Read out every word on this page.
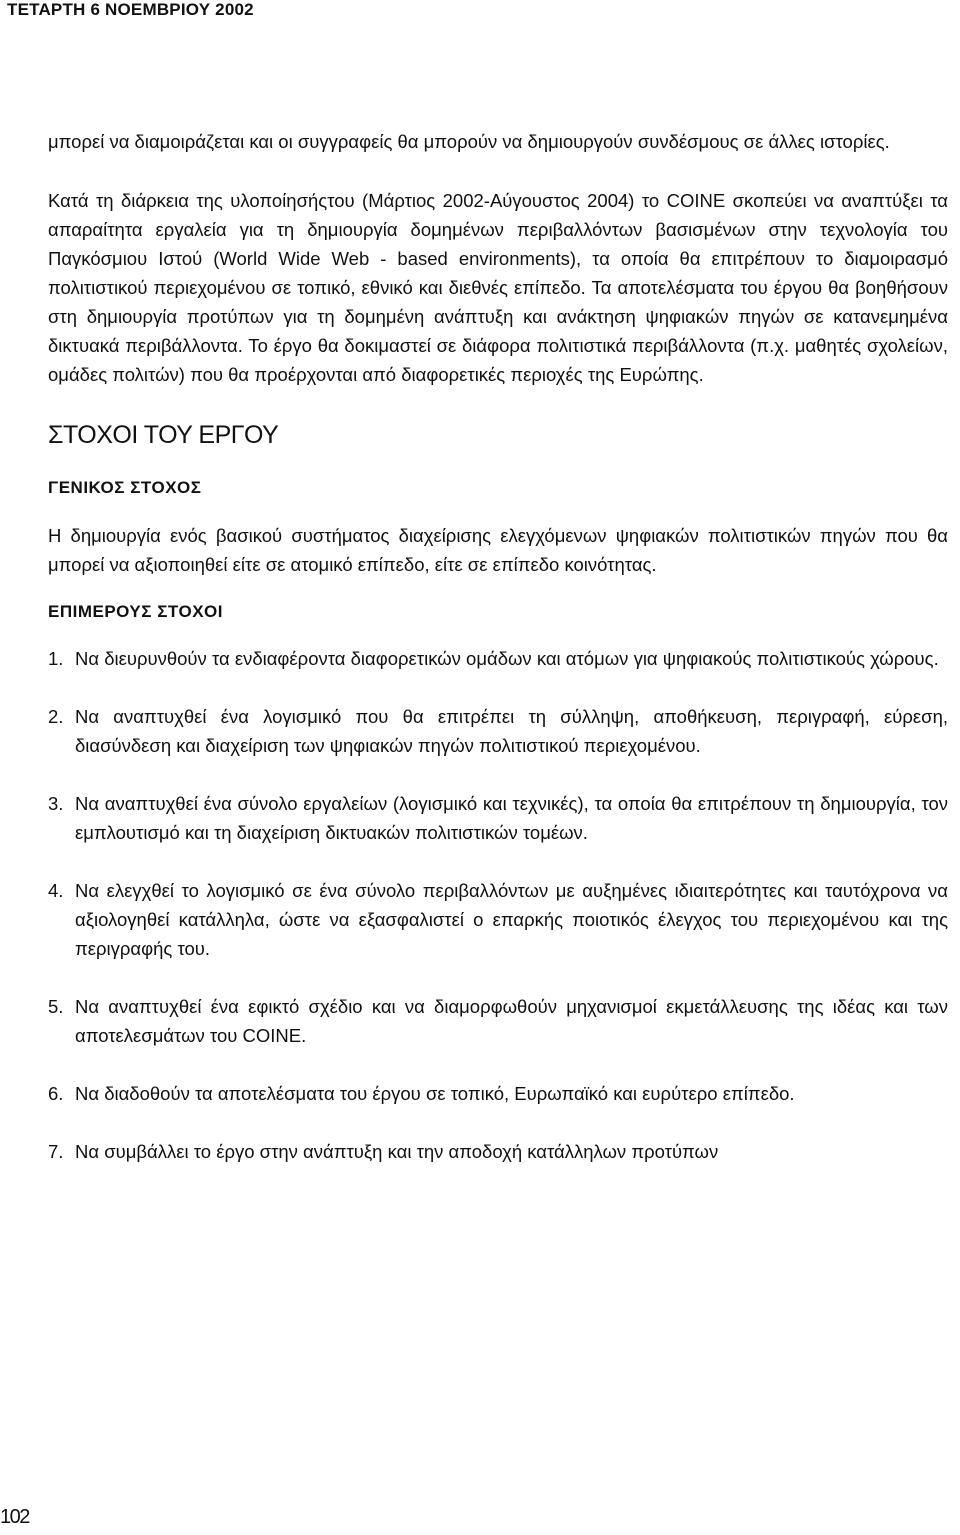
ΤΕΤΑΡΤΗ 6 ΝΟΕΜΒΡΙΟΥ 2002

μπορεί να διαμοιράζεται και οι συγγραφείς θα μπορούν να δημιουργούν συνδέσμους σε άλλες ιστορίες.

Κατά τη διάρκεια της υλοποίησήςτου (Μάρτιος 2002-Αύγουστος 2004) το COINE σκοπεύει να αναπτύξει τα απαραίτητα εργαλεία για τη δημιουργία δομημένων περιβαλλόντων βασισμένων στην τεχνολογία του Παγκόσμιου Ιστού (World Wide Web - based environments), τα οποία θα επιτρέπουν το διαμοιρασμό πολιτιστικού περιεχομένου σε τοπικό, εθνικό και διεθνές επίπεδο. Τα αποτελέσματα του έργου θα βοηθήσουν στη δημιουργία προτύπων για τη δομημένη ανάπτυξη και ανάκτηση ψηφιακών πηγών σε κατανεμημένα δικτυακά περιβάλλοντα. Το έργο θα δοκιμαστεί σε διάφορα πολιτιστικά περιβάλλοντα (π.χ. μαθητές σχολείων, ομάδες πολιτών) που θα προέρχονται από διαφορετικές περιοχές της Ευρώπης.

ΣΤΟΧΟΙ ΤΟΥ ΕΡΓΟΥ
ΓΕΝΙΚΟΣ ΣΤΟΧΟΣ

Η δημιουργία ενός βασικού συστήματος διαχείρισης ελεγχόμενων ψηφιακών πολιτιστικών πηγών που θα μπορεί να αξιοποιηθεί είτε σε ατομικό επίπεδο, είτε σε επίπεδο κοινότητας.

ΕΠΙΜΕΡΟΥΣ ΣΤΟΧΟΙ
1. Να διευρυνθούν τα ενδιαφέροντα διαφορετικών ομάδων και ατόμων για ψηφιακούς πολιτιστικούς χώρους.
2. Να αναπτυχθεί ένα λογισμικό που θα επιτρέπει τη σύλληψη, αποθήκευση, περιγραφή, εύρεση, διασύνδεση και διαχείριση των ψηφιακών πηγών πολιτιστικού περιεχομένου.
3. Να αναπτυχθεί ένα σύνολο εργαλείων (λογισμικό και τεχνικές), τα οποία θα επιτρέπουν τη δημιουργία, τον εμπλουτισμό και τη διαχείριση δικτυακών πολιτιστικών τομέων.
4. Να ελεγχθεί το λογισμικό σε ένα σύνολο περιβαλλόντων με αυξημένες ιδιαιτερότητες και ταυτόχρονα να αξιολογηθεί κατάλληλα, ώστε να εξασφαλιστεί ο επαρκής ποιοτικός έλεγχος του περιεχομένου και της περιγραφής του.
5. Να αναπτυχθεί ένα εφικτό σχέδιο και να διαμορφωθούν μηχανισμοί εκμετάλλευσης της ιδέας και των αποτελεσμάτων του COINE.
6. Να διαδοθούν τα αποτελέσματα του έργου σε τοπικό, Ευρωπαϊκό και ευρύτερο επίπεδο.
7. Να συμβάλλει το έργο στην ανάπτυξη και την αποδοχή κατάλληλων προτύπων
102
